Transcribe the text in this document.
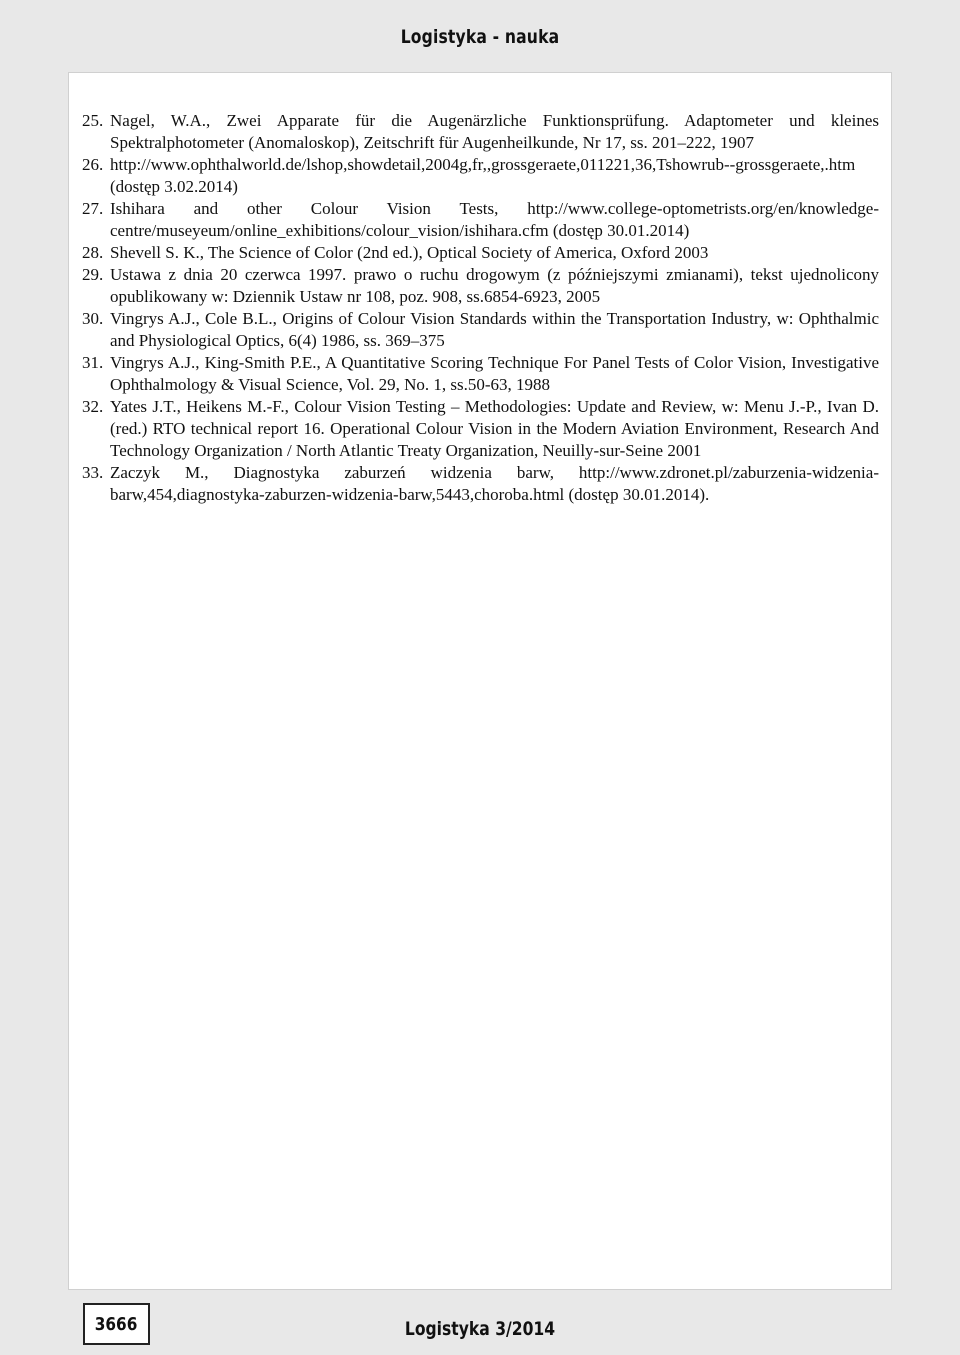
Logistyka - nauka
25. Nagel, W.A., Zwei Apparate für die Augenärzliche Funktionsprüfung. Adaptometer und kleines Spektralphotometer (Anomaloskop), Zeitschrift für Augenheilkunde, Nr 17, ss. 201–222, 1907
26. http://www.ophthalworld.de/lshop,showdetail,2004g,fr,,grossgeraete,011221,36,Tshowrub--grossgeraete,.htm (dostęp 3.02.2014)
27. Ishihara and other Colour Vision Tests, http://www.college-optometrists.org/en/knowledge-centre/museyeum/online_exhibitions/colour_vision/ishihara.cfm (dostęp 30.01.2014)
28. Shevell S. K., The Science of Color (2nd ed.), Optical Society of America, Oxford 2003
29. Ustawa z dnia 20 czerwca 1997. prawo o ruchu drogowym (z późniejszymi zmianami), tekst ujednolicony opublikowany w: Dziennik Ustaw nr 108, poz. 908, ss.6854-6923, 2005
30. Vingrys A.J., Cole B.L., Origins of Colour Vision Standards within the Transportation Industry, w: Ophthalmic and Physiological Optics, 6(4) 1986, ss. 369–375
31. Vingrys A.J., King-Smith P.E., A Quantitative Scoring Technique For Panel Tests of Color Vision, Investigative Ophthalmology & Visual Science, Vol. 29, No. 1, ss.50-63, 1988
32. Yates J.T., Heikens M.-F., Colour Vision Testing – Methodologies: Update and Review, w: Menu J.-P., Ivan D. (red.) RTO technical report 16. Operational Colour Vision in the Modern Aviation Environment, Research And Technology Organization / North Atlantic Treaty Organization, Neuilly-sur-Seine 2001
33. Zaczyk M., Diagnostyka zaburzeń widzenia barw, http://www.zdronet.pl/zaburzenia-widzenia-barw,454,diagnostyka-zaburzen-widzenia-barw,5443,choroba.html (dostęp 30.01.2014).
3666	Logistyka 3/2014
